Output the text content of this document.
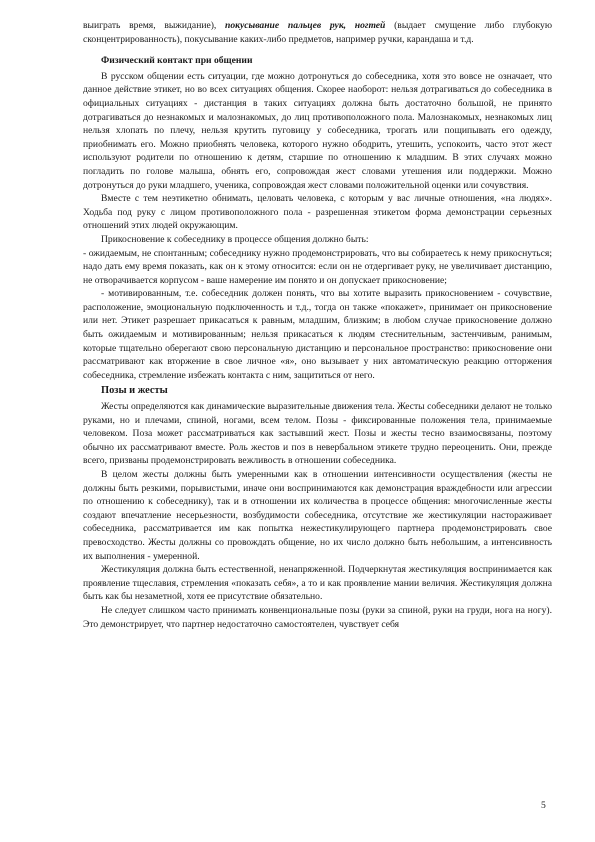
выиграть время, выжидание), покусывание пальцев рук, ногтей (выдает смущение либо глубокую сконцентрированность), покусывание каких-либо предметов, например ручки, карандаша и т.д.

Физический контакт при общении

В русском общении есть ситуации, где можно дотронуться до собеседника, хотя это вовсе не означает, что данное действие этикет, но во всех ситуациях общения. Скорее наоборот: нельзя дотрагиваться до собеседника в официальных ситуациях - дистанция в таких ситуациях должна быть достаточно большой, не принято дотрагиваться до незнакомых и малознакомых, до лиц противоположного пола. Малознакомых, незнакомых лиц нельзя хлопать по плечу, нельзя крутить пуговицу у собеседника, трогать или пощипывать его одежду, приобнимать его. Можно приобнять человека, которого нужно ободрить, утешить, успокоить, часто этот жест используют родители по отношению к детям, старшие по отношению к младшим. В этих случаях можно погладить по голове малыша, обнять его, сопровождая жест словами утешения или поддержки. Можно дотронуться до руки младшего, ученика, сопровождая жест словами положительной оценки или сочувствия.

Вместе с тем неэтикетно обнимать, целовать человека, с которым у вас личные отношения, «на людях». Ходьба под руку с лицом противоположного пола - разрешенная этикетом форма демонстрации серьезных отношений этих людей окружающим.

Прикосновение к собеседнику в процессе общения должно быть:

- ожидаемым, не спонтанным; собеседнику нужно продемонстрировать, что вы собираетесь к нему прикоснуться; надо дать ему время показать, как он к этому относится: если он не отдергивает руку, не увеличивает дистанцию, не отворачивается корпусом - ваше намерение им понято и он допускает прикосновение;

- мотивированным, т.е. собеседник должен понять, что вы хотите выразить прикосновением - сочувствие, расположение, эмоциональную подключенность и т.д., тогда он также «покажет», принимает он прикосновение или нет. Этикет разрешает прикасаться к равным, младшим, близким; в любом случае прикосновение должно быть ожидаемым и мотивированным; нельзя прикасаться к людям стеснительным, застенчивым, ранимым, которые тщательно оберегают свою персональную дистанцию и персональное пространство: прикосновение они рассматривают как вторжение в свое личное «я», оно вызывает у них автоматическую реакцию отторжения собеседника, стремление избежать контакта с ним, защититься от него.

Позы и жесты

Жесты определяются как динамические выразительные движения тела. Жесты собеседники делают не только руками, но и плечами, спиной, ногами, всем телом. Позы - фиксированные положения тела, принимаемые человеком. Поза может рассматриваться как застывший жест. Позы и жесты тесно взаимосвязаны, поэтому обычно их рассматривают вместе. Роль жестов и поз в невербальном этикете трудно переоценить. Они, прежде всего, призваны продемонстрировать вежливость в отношении собеседника.

В целом жесты должны быть умеренными как в отношении интенсивности осуществления (жесты не должны быть резкими, порывистыми, иначе они воспринимаются как демонстрация враждебности или агрессии по отношению к собеседнику), так и в отношении их количества в процессе общения: многочисленные жесты создают впечатление несерьезности, возбудимости собеседника, отсутствие же жестикуляции настораживает собеседника, рассматривается им как попытка нежестикулирующего партнера продемонстрировать свое превосходство. Жесты должны со провождать общение, но их число должно быть небольшим, а интенсивность их выполнения - умеренной.

Жестикуляция должна быть естественной, ненапряженной. Подчеркнутая жестикуляция воспринимается как проявление тщеславия, стремления «показать себя», а то и как проявление мании величия. Жестикуляция должна быть как бы незаметной, хотя ее присутствие обязательно.

Не следует слишком часто принимать конвенциональные позы (руки за спиной, руки на груди, нога на ногу). Это демонстрирует, что партнер недостаточно самостоятелен, чувствует себя

5
